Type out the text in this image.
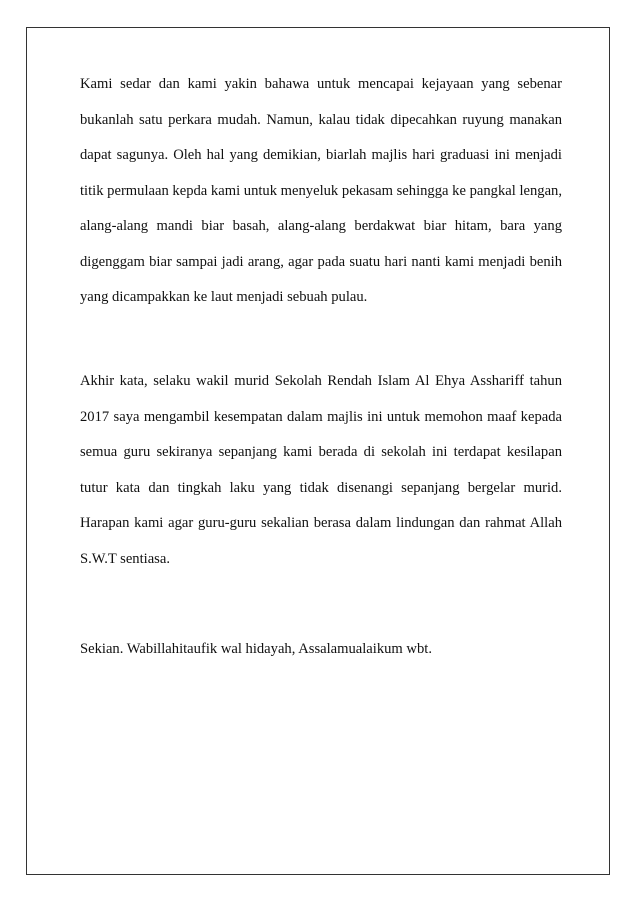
Kami sedar dan kami yakin bahawa untuk mencapai kejayaan yang sebenar bukanlah satu perkara mudah. Namun, kalau tidak dipecahkan ruyung manakan dapat sagunya. Oleh hal yang demikian, biarlah majlis hari graduasi ini menjadi titik permulaan kepda kami untuk menyeluk pekasam sehingga ke pangkal lengan, alang-alang mandi biar basah, alang-alang berdakwat biar hitam, bara yang digenggam biar sampai jadi arang, agar pada suatu hari nanti kami menjadi benih yang dicampakkan ke laut menjadi sebuah pulau.

Akhir kata, selaku wakil murid Sekolah Rendah Islam Al Ehya Asshariff tahun 2017 saya mengambil kesempatan dalam majlis ini untuk memohon maaf kepada semua guru sekiranya sepanjang kami berada di sekolah ini terdapat kesilapan tutur kata dan tingkah laku yang tidak disenangi sepanjang bergelar murid. Harapan kami agar guru-guru sekalian berasa dalam lindungan dan rahmat Allah S.W.T sentiasa.

Sekian. Wabillahitaufik wal hidayah, Assalamualaikum wbt.
